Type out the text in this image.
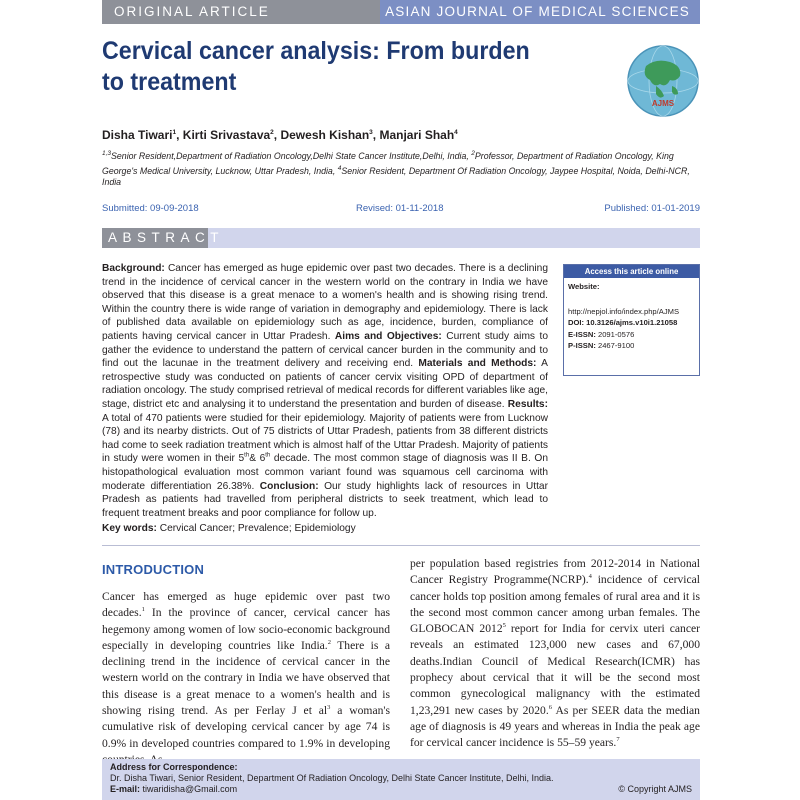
ORIGINAL ARTICLE	ASIAN JOURNAL OF MEDICAL SCIENCES
Cervical cancer analysis: From burden to treatment
AJMS
Disha Tiwari$^1$, Kirti Srivastava$^2$, Dewesh Kishan$^3$, Manjari Shah$^4$
$^{1,3}$Senior Resident,Department of Radiation Oncology,Delhi State Cancer Institute,Delhi, India, $^2$Professor, Department of Radiation Oncology, King George's Medical University, Lucknow, Uttar Pradesh, India, $^4$Senior Resident, Department Of Radiation Oncology, Jaypee Hospital, Noida, Delhi-NCR, India
Submitted: 09-09-2018	Revised: 01-11-2018	Published: 01-01-2019
ABSTRACT
Background: Cancer has emerged as huge epidemic over past two decades. There is a declining trend in the incidence of cervical cancer in the western world on the contrary in India we have observed that this disease is a great menace to a women's health and is showing rising trend. Within the country there is wide range of variation in demography and epidemiology. There is lack of published data available on epidemiology such as age, incidence, burden, compliance of patients having cervical cancer in Uttar Pradesh. Aims and Objectives: Current study aims to gather the evidence to understand the pattern of cervical cancer burden in the community and to find out the lacunae in the treatment delivery and receiving end. Materials and Methods: A retrospective study was conducted on patients of cancer cervix visiting OPD of department of radiation oncology. The study comprised retrieval of medical records for different variables like age, stage, district etc and analysing it to understand the presentation and burden of disease. Results: A total of 470 patients were studied for their epidemiology. Majority of patients were from Lucknow (78) and its nearby districts. Out of 75 districts of Uttar Pradesh, patients from 38 different districts had come to seek radiation treatment which is almost half of the Uttar Pradesh. Majority of patients in study were women in their 5th& 6th decade. The most common stage of diagnosis was II B. On histopathological evaluation most common variant found was squamous cell carcinoma with moderate differentiation 26.38%. Conclusion: Our study highlights lack of resources in Uttar Pradesh as patients had travelled from peripheral districts to seek treatment, which lead to frequent treatment breaks and poor compliance for follow up.
Access this article online
Website:
http://nepjol.info/index.php/AJMS
DOI: 10.3126/ajms.v10i1.21058
E-ISSN: 2091-0576
P-ISSN: 2467-9100
Key words: Cervical Cancer; Prevalence; Epidemiology
INTRODUCTION
Cancer has emerged as huge epidemic over past two decades.$^1$ In the province of cancer, cervical cancer has hegemony among women of low socio-economic background especially in developing countries like India.$^2$ There is a declining trend in the incidence of cervical cancer in the western world on the contrary in India we have observed that this disease is a great menace to a women's health and is showing rising trend. As per Ferlay J et $al^3$ a woman's cumulative risk of developing cervical cancer by age 74 is 0.9% in developed countries compared to 1.9% in developing
per population based registries from 2012-2014 in National Cancer Registry Programme(NCRP).$^4$ incidence of cervical cancer holds top position among females of rural area and it is the second most common cancer among urban females. The GLOBOCAN 2012$^5$ report for India for cervix uteri cancer reveals an estimated 123,000 new cases and 67,000 deaths.Indian Council of Medical Research(ICMR) has prophecy about cervical that it will be the second most common gynecological malignancy with the estimated 1,23,291 new cases by 2020.$^6$ As per SEER data the median age of diagnosis is 49 years and whereas in India the peak age for cervical cancer incidence is 55–59 years.$^7$
Address for Correspondence:
Dr. Disha Tiwari, Senior Resident, Department Of Radiation Oncology, Delhi State Cancer Institute, Delhi, India.
E-mail: tiwaridisha@Gmail.com	© Copyright AJMS
